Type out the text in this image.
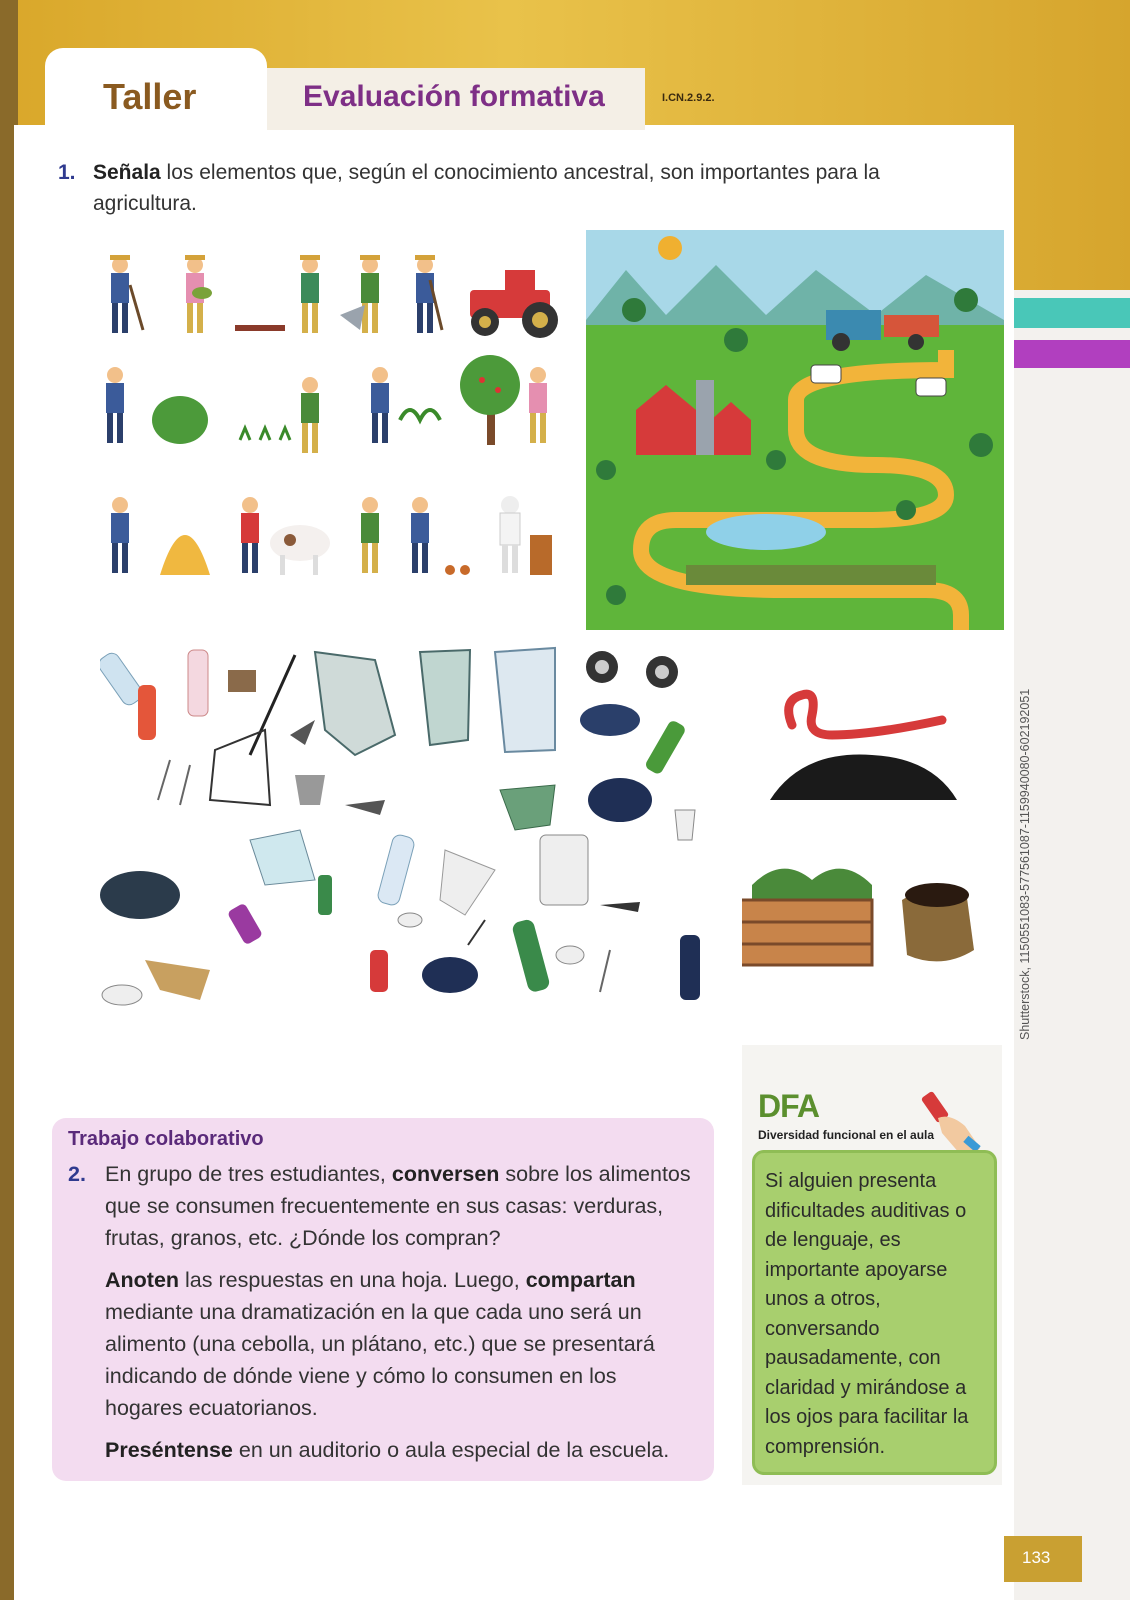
Taller	Evaluación formativa	I.CN.2.9.2.
1. Señala los elementos que, según el conocimiento ancestral, son importantes para la agricultura.
Shutterstock, 1150551083-577561087-1159940080-602192051
Trabajo colaborativo
2. En grupo de tres estudiantes, conversen sobre los alimentos que se consumen frecuentemente en sus casas: verduras, frutas, granos, etc. ¿Dónde los compran?

Anoten las respuestas en una hoja. Luego, compartan mediante una dramatización en la que cada uno será un alimento (una cebolla, un plátano, etc.) que se presentará indicando de dónde viene y cómo lo consumen en los hogares ecuatorianos.

Preséntense en un auditorio o aula especial de la escuela.

DFA
Diversidad funcional en el aula
Si alguien presenta dificultades auditivas o de lenguaje, es importante apoyarse unos a otros, conversando pausadamente, con claridad y mirándose a los ojos para facilitar la comprensión.
133
